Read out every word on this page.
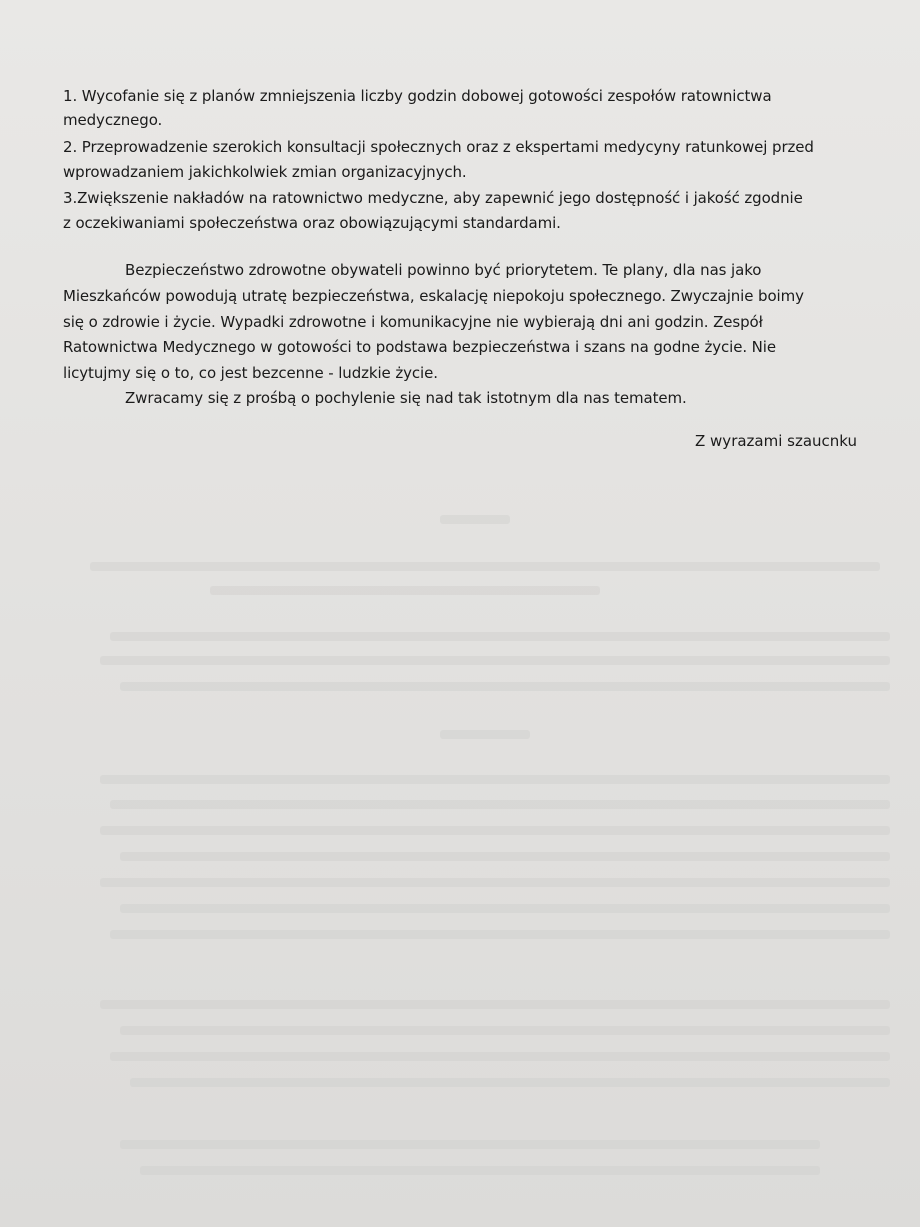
1. Wycofanie się z planów zmniejszenia liczby godzin dobowej gotowości zespołów ratownictwa

medycznego.

2. Przeprowadzenie szerokich konsultacji społecznych oraz z ekspertami medycyny ratunkowej przed

wprowadzaniem jakichkolwiek zmian organizacyjnych.

3.Zwiększenie nakładów na ratownictwo medyczne, aby zapewnić jego dostępność i jakość zgodnie

z oczekiwaniami społeczeństwa oraz obowiązującymi standardami.

Bezpieczeństwo zdrowotne obywateli powinno być priorytetem. Te plany, dla nas jako

Mieszkańców powodują utratę bezpieczeństwa, eskalację niepokoju społecznego. Zwyczajnie boimy

się o zdrowie i życie. Wypadki zdrowotne i komunikacyjne nie wybierają dni ani godzin. Zespół

Ratownictwa Medycznego w gotowości to podstawa bezpieczeństwa i szans na godne życie. Nie

licytujmy się o to, co jest bezcenne - ludzkie życie.

Zwracamy się z prośbą o pochylenie się nad tak istotnym dla nas tematem.

Z wyrazami szaucnku
